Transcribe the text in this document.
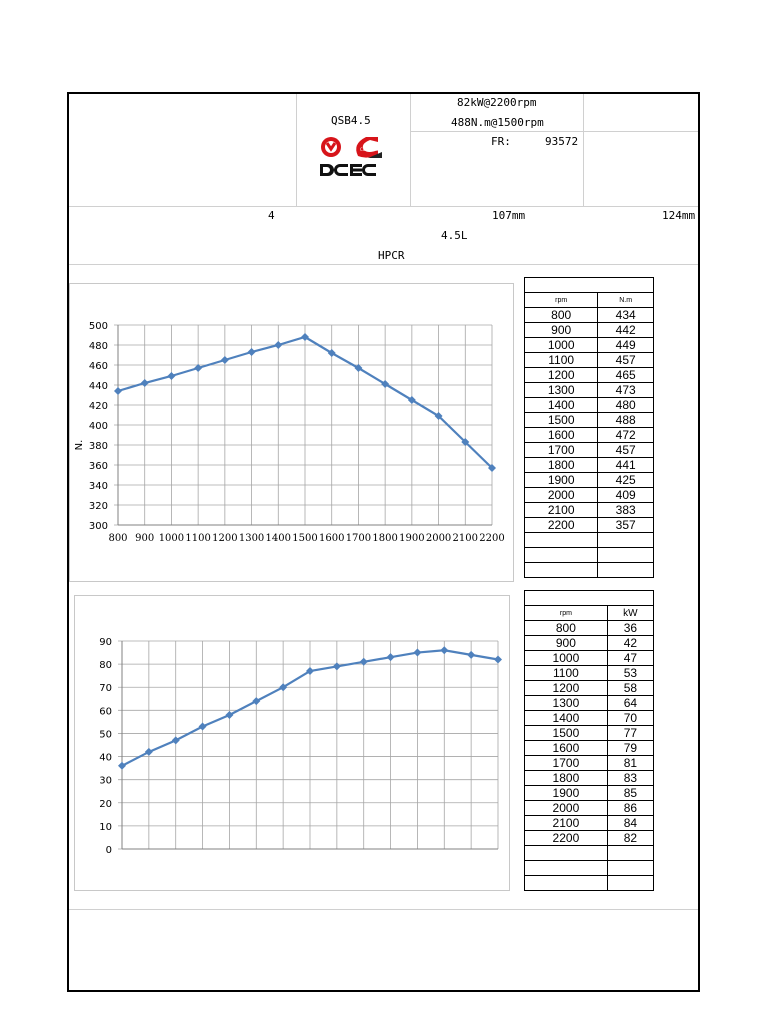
QSB4.5
82kW@2200rpm
488N.m@1500rpm
FR:	93572
Cummins
4	107mm	124mm
4.5L
HPCR
300
320
340
360
380
400
420
440
460
480
500
800 900 1000 1100 1200 1300 1400 1500 1600 1700 1800 1900 2000 2100 2200
N.
0
10
20
30
40
50
60
70
80
90

rpm	N.m
800	434
900	442
1000	449
1100	457
1200	465
1300	473
1400	480
1500	488
1600	472
1700	457
1800	441
1900	425
2000	409
2100	383
2200	357

rpm	kW
800	36
900	42
1000	47
1100	53
1200	58
1300	64
1400	70
1500	77
1600	79
1700	81
1800	83
1900	85
2000	86
2100	84
2200	82
